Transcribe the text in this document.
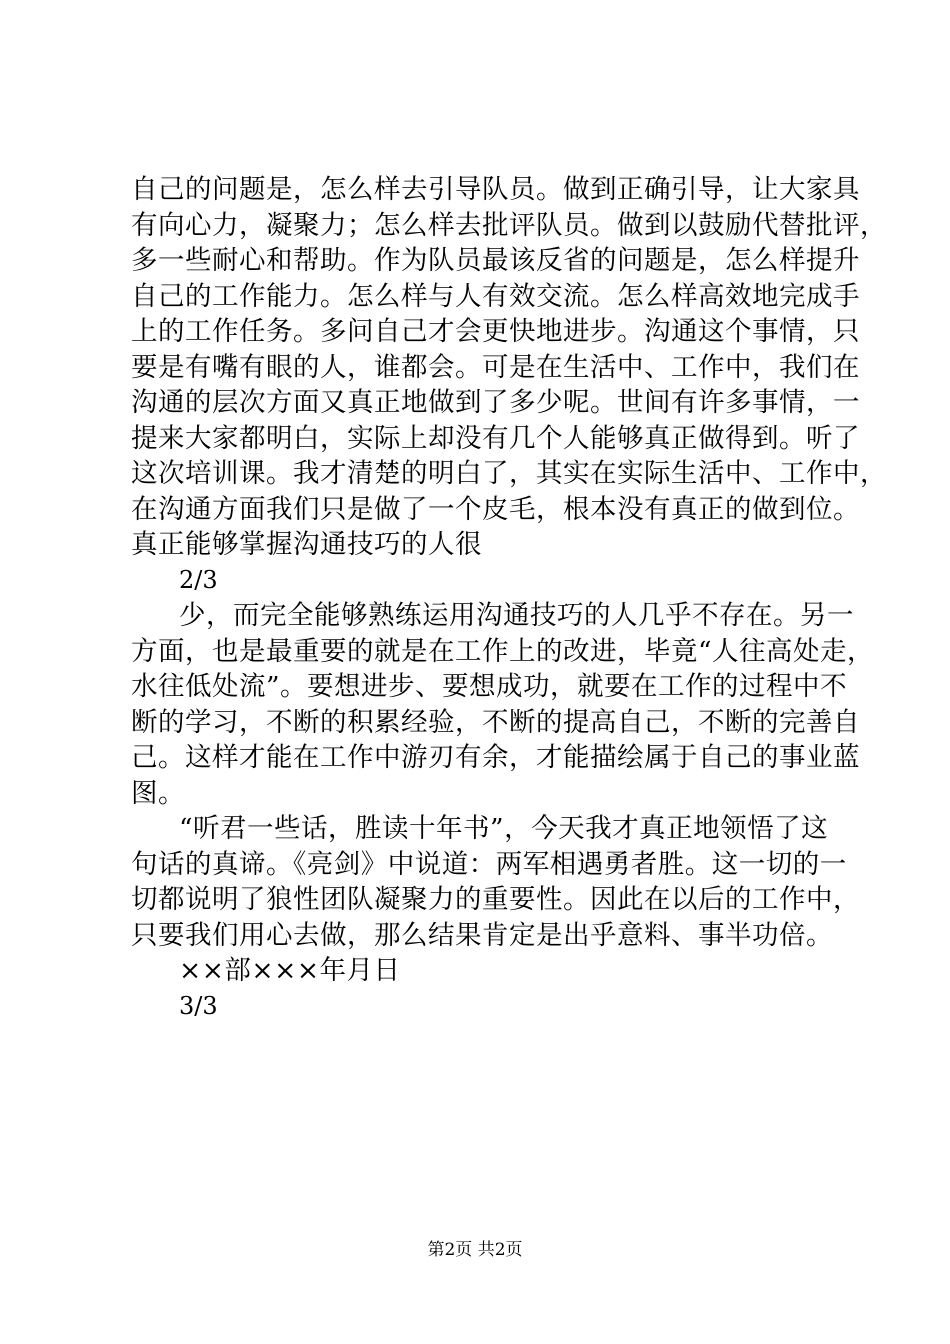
自己的问题是，怎么样去引导队员。做到正确引导，让大家具
有向心力，凝聚力；怎么样去批评队员。做到以鼓励代替批评，
多一些耐心和帮助。作为队员最该反省的问题是，怎么样提升
自己的工作能力。怎么样与人有效交流。怎么样高效地完成手
上的工作任务。多问自己才会更快地进步。沟通这个事情，只
要是有嘴有眼的人，谁都会。可是在生活中、工作中，我们在
沟通的层次方面又真正地做到了多少呢。世间有许多事情，一
提来大家都明白，实际上却没有几个人能够真正做得到。听了
这次培训课。我才清楚的明白了，其实在实际生活中、工作中，
在沟通方面我们只是做了一个皮毛，根本没有真正的做到位。
真正能够掌握沟通技巧的人很
2/3
少，而完全能够熟练运用沟通技巧的人几乎不存在。另一
方面，也是最重要的就是在工作上的改进，毕竟“人往高处走，
水往低处流”。要想进步、要想成功，就要在工作的过程中不
断的学习，不断的积累经验，不断的提高自己，不断的完善自
己。这样才能在工作中游刃有余，才能描绘属于自己的事业蓝
图。
“听君一些话，胜读十年书”，今天我才真正地领悟了这
句话的真谛。《亮剑》中说道：两军相遇勇者胜。这一切的一
切都说明了狼性团队凝聚力的重要性。因此在以后的工作中，
只要我们用心去做，那么结果肯定是出乎意料、事半功倍。
××部×××年月日
3/3
第2页 共2页
